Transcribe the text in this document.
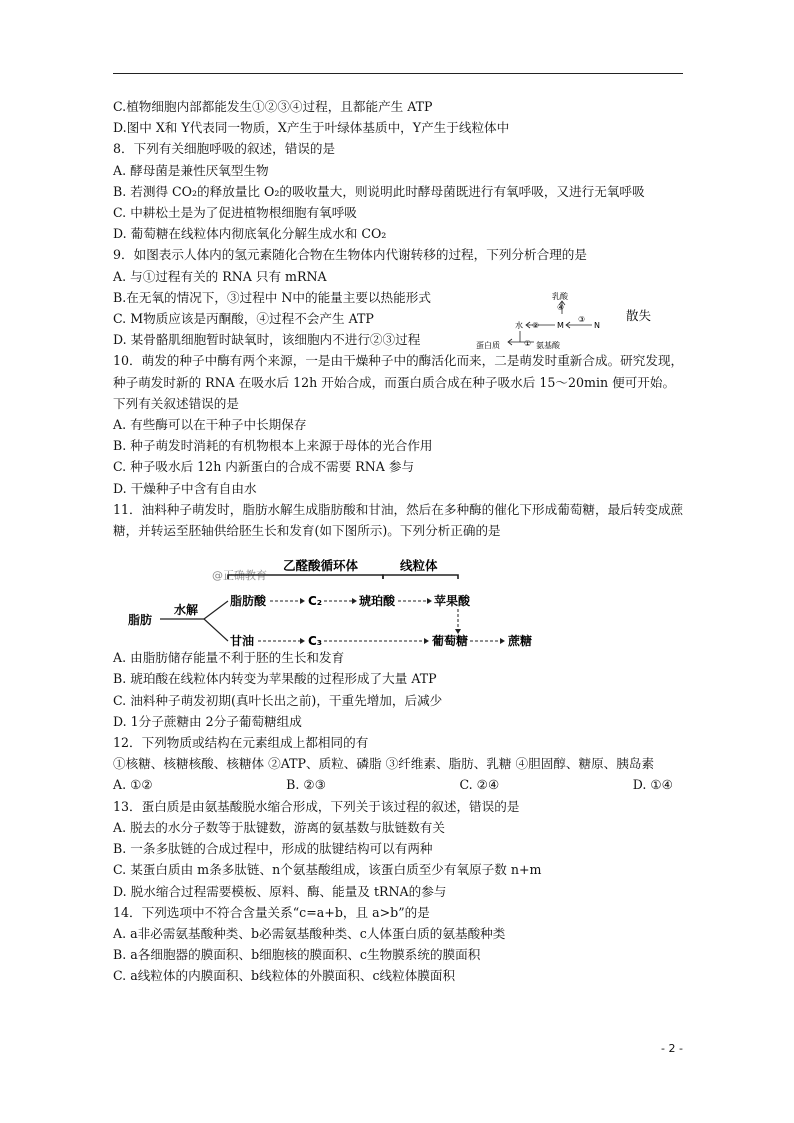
C.植物细胞内部都能发生①②③④过程，且都能产生 ATP
D.图中 X和 Y代表同一物质，X产生于叶绿体基质中，Y产生于线粒体中
8．下列有关细胞呼吸的叙述，错误的是
A. 酵母菌是兼性厌氧型生物
B. 若测得 CO₂的释放量比 O₂的吸收量大，则说明此时酵母菌既进行有氧呼吸，又进行无氧呼吸
C. 中耕松土是为了促进植物根细胞有氧呼吸
D. 葡萄糖在线粒体内彻底氧化分解生成水和 CO₂
9．如图表示人体内的氢元素随化合物在生物体内代谢转移的过程，下列分析合理的是
A. 与①过程有关的 RNA 只有 mRNA
B.在无氧的情况下，③过程中 N中的能量主要以热能形式
C. M物质应该是丙酮酸，④过程不会产生 ATP
D. 某骨骼肌细胞暂时缺氧时，该细胞内不进行②③过程
10．萌发的种子中酶有两个来源，一是由干燥种子中的酶活化而来，二是萌发时重新合成。研究发现，种子萌发时新的 RNA 在吸水后 12h 开始合成，而蛋白质合成在种子吸水后 15～20min 便可开始。下列有关叙述错误的是
A. 有些酶可以在干种子中长期保存
B. 种子萌发时消耗的有机物根本上来源于母体的光合作用
C. 种子吸水后 12h 内新蛋白的合成不需要 RNA 参与
D. 干燥种子中含有自由水
11．油料种子萌发时，脂肪水解生成脂肪酸和甘油，然后在多种酶的催化下形成葡萄糖，最后转变成蔗糖，并转运至胚轴供给胚生长和发育(如下图所示)。下列分析正确的是
A. 由脂肪储存能量不利于胚的生长和发育
B. 琥珀酸在线粒体内转变为苹果酸的过程形成了大量 ATP
C. 油料种子萌发初期(真叶长出之前)，干重先增加，后减少
D. 1分子蔗糖由 2分子葡萄糖组成
12．下列物质或结构在元素组成上都相同的有
①核糖、核糖核酸、核糖体 ②ATP、质粒、磷脂 ③纤维素、脂肪、乳糖 ④胆固醇、糖原、胰岛素
A. ①②	B. ②③	C. ②④	D. ①④
13．蛋白质是由氨基酸脱水缩合形成，下列关于该过程的叙述，错误的是
A. 脱去的水分子数等于肽键数，游离的氨基数与肽链数有关
B. 一条多肽链的合成过程中，形成的肽键结构可以有两种
C. 某蛋白质由 m条多肽链、n个氨基酸组成，该蛋白质至少有氧原子数 n+m
D. 脱水缩合过程需要模板、原料、酶、能量及 tRNA的参与
14．下列选项中不符合含量关系“c=a+b，且 a>b”的是
A. a非必需氨基酸种类、b必需氨基酸种类、c人体蛋白质的氨基酸种类
B. a各细胞器的膜面积、b细胞核的膜面积、c生物膜系统的膜面积
C. a线粒体的内膜面积、b线粒体的外膜面积、c线粒体膜面积
散失
乳酸
④
水 ② M
③
N
蛋白质	① 氨基酸
@正确教育
乙醛酸循环体	线粒体
脂肪
水解
脂肪酸
甘油
C₂	琥珀酸	苹果酸
C₃	葡萄糖	蔗糖
- 2 -
